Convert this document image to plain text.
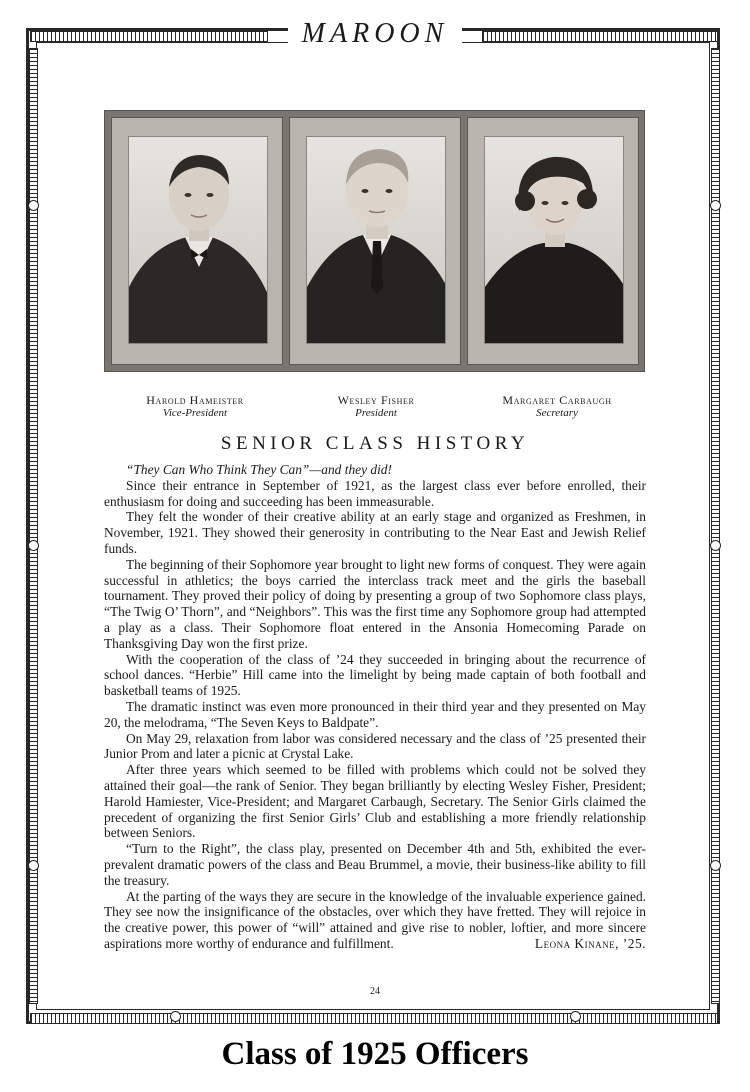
MAROON
Harold Hameister
Vice-President
Wesley Fisher
President
Margaret Carbaugh
Secretary
SENIOR CLASS HISTORY

“They Can Who Think They Can”—and they did!

Since their entrance in September of 1921, as the largest class ever before enrolled, their enthusiasm for doing and succeeding has been immeasurable.

They felt the wonder of their creative ability at an early stage and organized as Freshmen, in November, 1921. They showed their generosity in contributing to the Near East and Jewish Relief funds.

The beginning of their Sophomore year brought to light new forms of conquest. They were again successful in athletics; the boys carried the interclass track meet and the girls the baseball tournament. They proved their policy of doing by presenting a group of two Sophomore class plays, “The Twig O’ Thorn”, and “Neighbors”. This was the first time any Sophomore group had attempted a play as a class. Their Sophomore float entered in the Ansonia Homecoming Parade on Thanksgiving Day won the first prize.

With the cooperation of the class of ’24 they succeeded in bringing about the recurrence of school dances. “Herbie” Hill came into the limelight by being made captain of both football and basketball teams of 1925.

The dramatic instinct was even more pronounced in their third year and they presented on May 20, the melodrama, “The Seven Keys to Baldpate”.

On May 29, relaxation from labor was considered necessary and the class of ’25 presented their Junior Prom and later a picnic at Crystal Lake.

After three years which seemed to be filled with problems which could not be solved they attained their goal—the rank of Senior. They began brilliantly by electing Wesley Fisher, President; Harold Hamiester, Vice-President; and Margaret Carbaugh, Secretary. The Senior Girls claimed the precedent of organizing the first Senior Girls’ Club and establishing a more friendly relationship between Seniors.

“Turn to the Right”, the class play, presented on December 4th and 5th, exhibited the ever-prevalent dramatic powers of the class and Beau Brummel, a movie, their business-like ability to fill the treasury.

At the parting of the ways they are secure in the knowledge of the invaluable experience gained. They see now the insignificance of the obstacles, over which they have fretted. They will rejoice in the creative power, this power of “will” attained and give rise to nobler, loftier, and more sincere aspirations more worthy of endurance and fulfillment.	Leona Kinane, ’25.

24
Class of 1925 Officers
